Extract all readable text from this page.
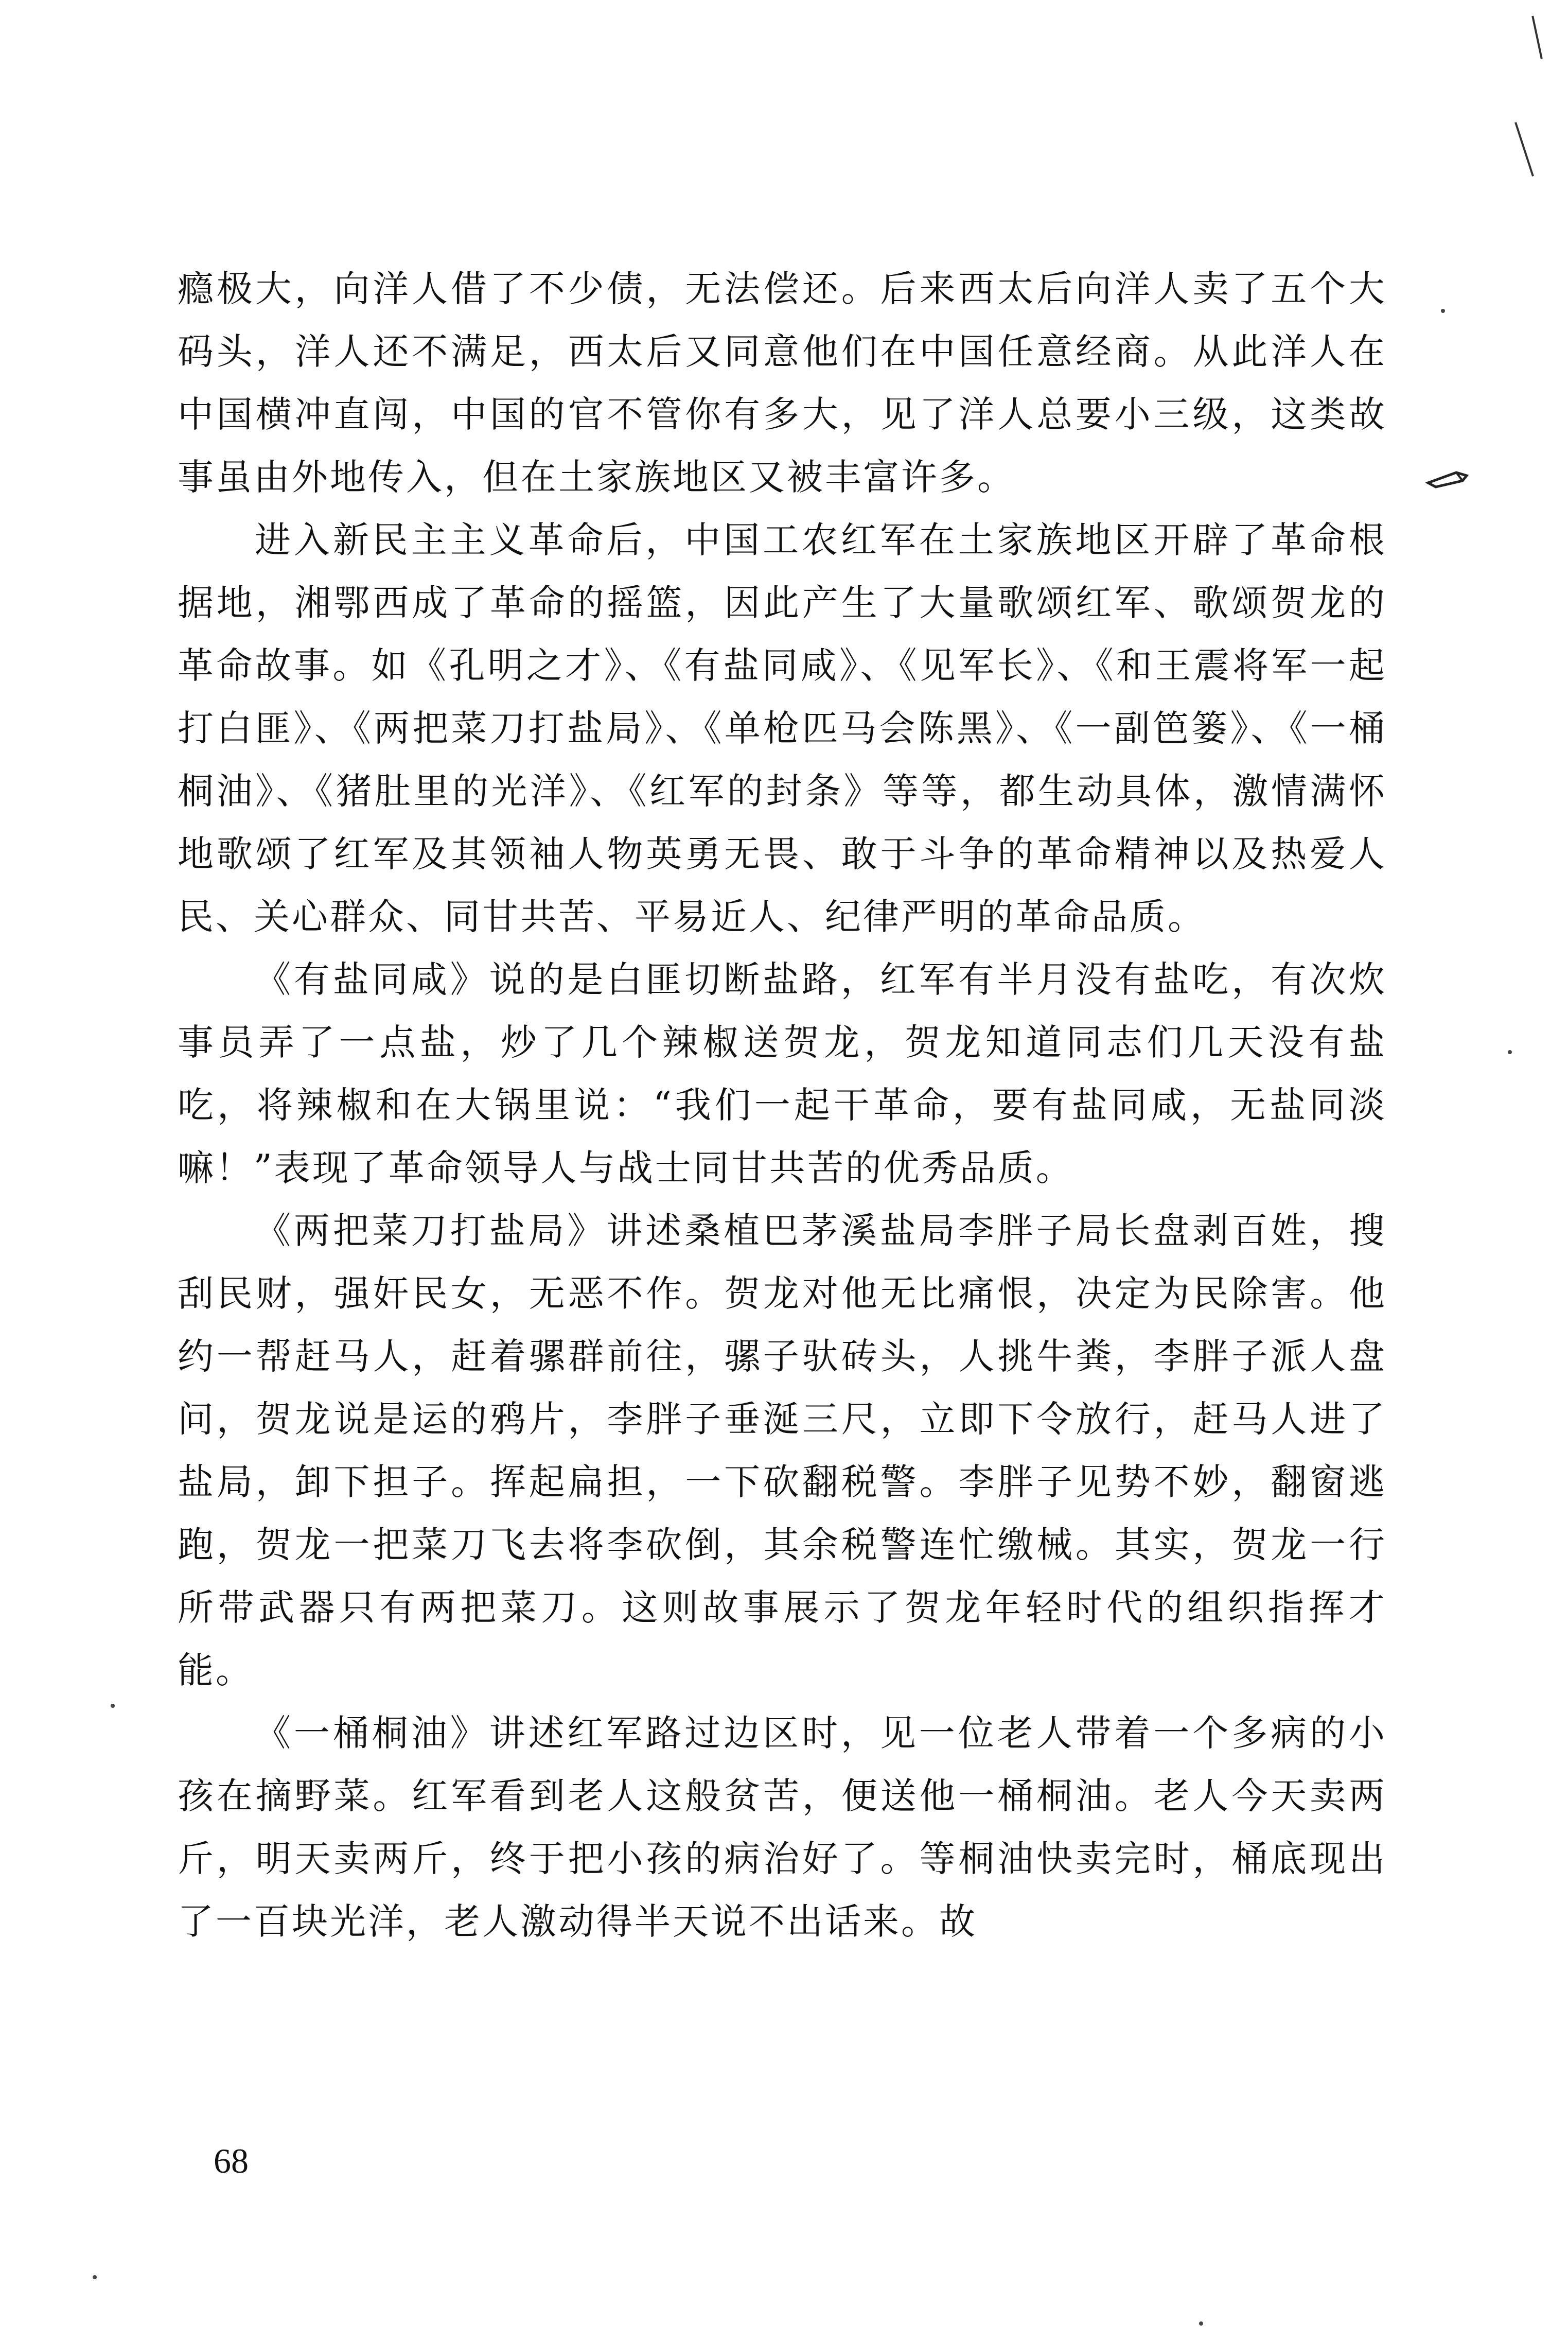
瘾极大，向洋人借了不少债，无法偿还。后来西太后向洋人卖了五个大码头，洋人还不满足，西太后又同意他们在中国任意经商。从此洋人在中国横冲直闯，中国的官不管你有多大，见了洋人总要小三级，这类故事虽由外地传入，但在土家族地区又被丰富许多。

进入新民主主义革命后，中国工农红军在土家族地区开辟了革命根据地，湘鄂西成了革命的摇篮，因此产生了大量歌颂红军、歌颂贺龙的革命故事。如《孔明之才》、《有盐同咸》、《见军长》、《和王震将军一起打白匪》、《两把菜刀打盐局》、《单枪匹马会陈黑》、《一副笆篓》、《一桶桐油》、《猪肚里的光洋》、《红军的封条》等等，都生动具体，激情满怀地歌颂了红军及其领袖人物英勇无畏、敢于斗争的革命精神以及热爱人民、关心群众、同甘共苦、平易近人、纪律严明的革命品质。

《有盐同咸》说的是白匪切断盐路，红军有半月没有盐吃，有次炊事员弄了一点盐，炒了几个辣椒送贺龙，贺龙知道同志们几天没有盐吃，将辣椒和在大锅里说：“我们一起干革命，要有盐同咸，无盐同淡嘛！”表现了革命领导人与战士同甘共苦的优秀品质。

《两把菜刀打盐局》讲述桑植巴茅溪盐局李胖子局长盘剥百姓，搜刮民财，强奸民女，无恶不作。贺龙对他无比痛恨，决定为民除害。他约一帮赶马人，赶着骡群前往，骡子驮砖头，人挑牛粪，李胖子派人盘问，贺龙说是运的鸦片，李胖子垂涎三尺，立即下令放行，赶马人进了盐局，卸下担子。挥起扁担，一下砍翻税警。李胖子见势不妙，翻窗逃跑，贺龙一把菜刀飞去将李砍倒，其余税警连忙缴械。其实，贺龙一行所带武器只有两把菜刀。这则故事展示了贺龙年轻时代的组织指挥才能。

《一桶桐油》讲述红军路过边区时，见一位老人带着一个多病的小孩在摘野菜。红军看到老人这般贫苦，便送他一桶桐油。老人今天卖两斤，明天卖两斤，终于把小孩的病治好了。等桐油快卖完时，桶底现出了一百块光洋，老人激动得半天说不出话来。故

68
